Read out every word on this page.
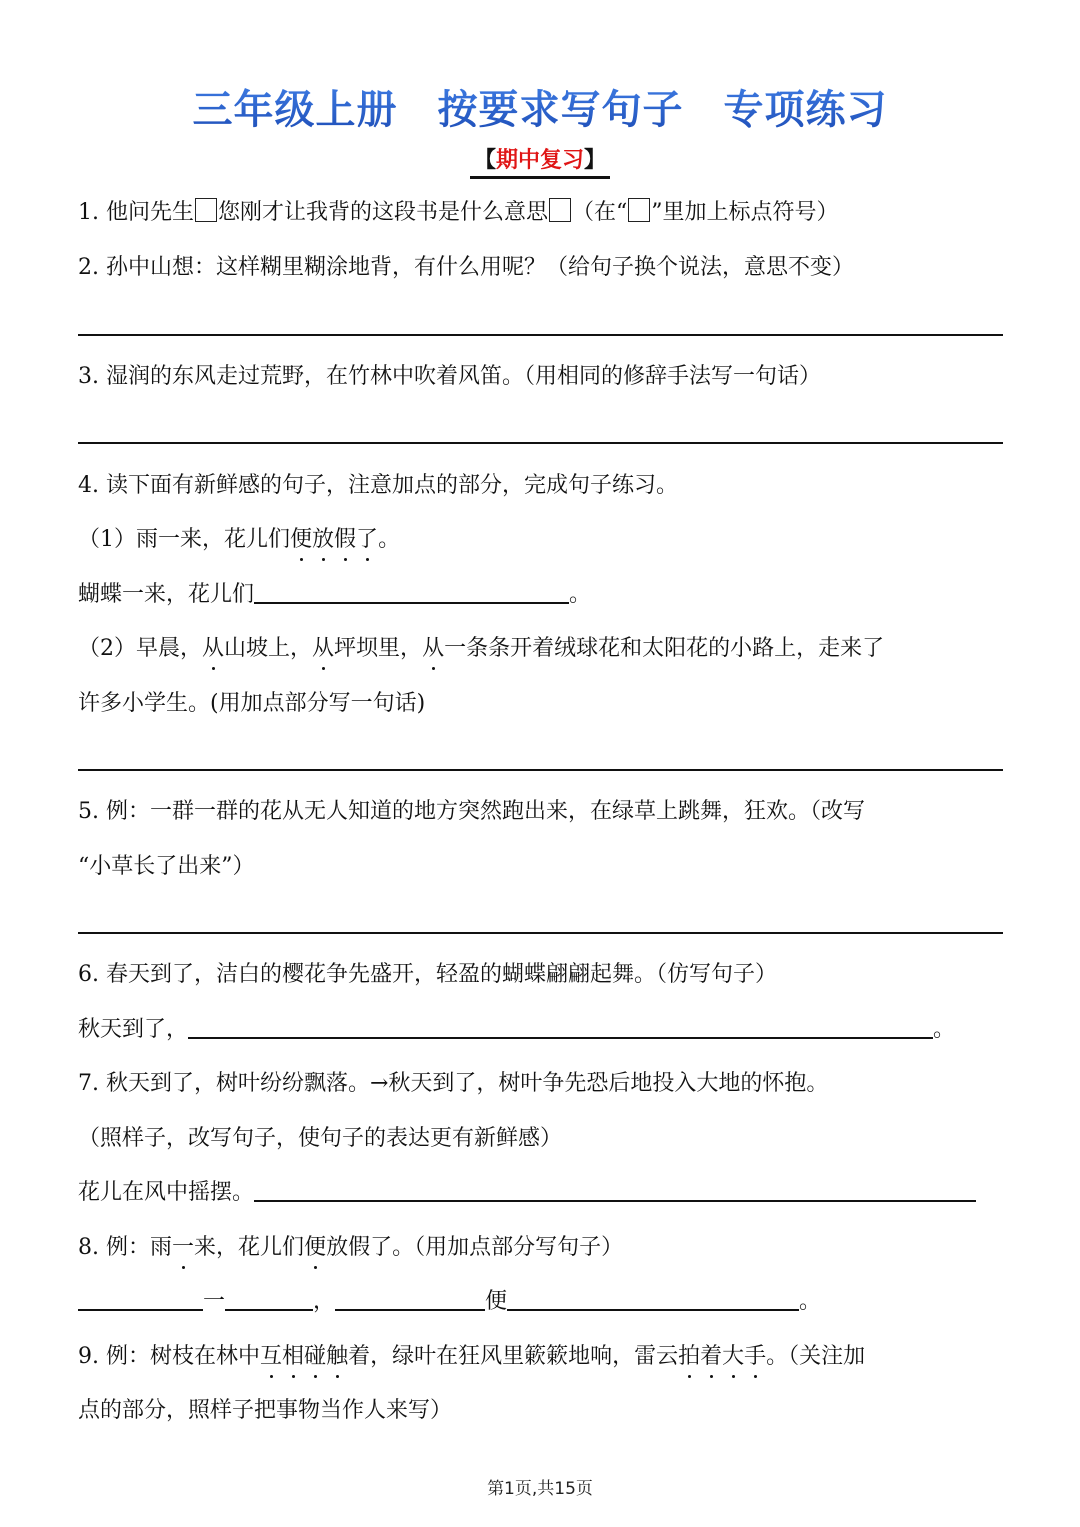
三年级上册 按要求写句子 专项练习
【期中复习】
1. 他问先生 您刚才让我背的这段书是什么意思 （在“ ”里加上标点符号）
2. 孙中山想：这样糊里糊涂地背，有什么用呢？（给句子换个说法，意思不变）
3. 湿润的东风走过荒野，在竹林中吹着风笛。（用相同的修辞手法写一句话）
4. 读下面有新鲜感的句子，注意加点的部分，完成句子练习。
（1）雨一来，花儿们便放假了。
蝴蝶一来，花儿们	。
（2）早晨，从山坡上，从坪坝里，从一条条开着绒球花和太阳花的小路上，走来了
许多小学生。(用加点部分写一句话)
5. 例：一群一群的花从无人知道的地方突然跑出来，在绿草上跳舞，狂欢。（改写
“小草长了出来”）
6. 春天到了，洁白的樱花争先盛开，轻盈的蝴蝶翩翩起舞。（仿写句子）
秋天到了，	。
7. 秋天到了，树叶纷纷飘落。→秋天到了，树叶争先恐后地投入大地的怀抱。
（照样子，改写句子，使句子的表达更有新鲜感）
花儿在风中摇摆。
8. 例：雨一来，花儿们便放假了。（用加点部分写句子）
一	，	便	。
9. 例：树枝在林中互相碰触着，绿叶在狂风里簌簌地响，雷云拍着大手。（关注加
点的部分，照样子把事物当作人来写）
第1页,共15页
